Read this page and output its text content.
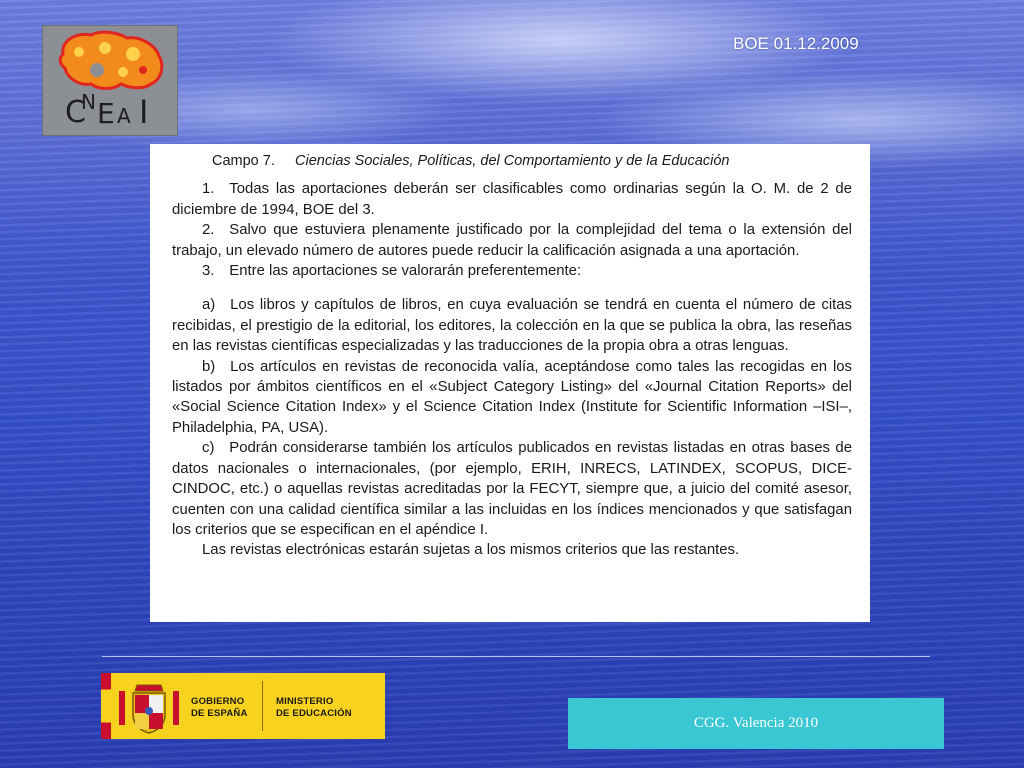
C
N E A I
BOE 01.12.2009
Campo 7. Ciencias Sociales, Políticas, del Comportamiento y de la Educación

1. Todas las aportaciones deberán ser clasificables como ordinarias según la O. M. de 2 de diciembre de 1994, BOE del 3.

2. Salvo que estuviera plenamente justificado por la complejidad del tema o la extensión del trabajo, un elevado número de autores puede reducir la calificación asignada a una aportación.

3. Entre las aportaciones se valorarán preferentemente:

a) Los libros y capítulos de libros, en cuya evaluación se tendrá en cuenta el número de citas recibidas, el prestigio de la editorial, los editores, la colección en la que se publica la obra, las reseñas en las revistas científicas especializadas y las traducciones de la propia obra a otras lenguas.

b) Los artículos en revistas de reconocida valía, aceptándose como tales las recogidas en los listados por ámbitos científicos en el «Subject Category Listing» del «Journal Citation Reports» del «Social Science Citation Index» y el Science Citation Index (Institute for Scientific Information –ISI–, Philadelphia, PA, USA).

c) Podrán considerarse también los artículos publicados en revistas listadas en otras bases de datos nacionales o internacionales, (por ejemplo, ERIH, INRECS, LATINDEX, SCOPUS, DICE-CINDOC, etc.) o aquellas revistas acreditadas por la FECYT, siempre que, a juicio del comité asesor, cuenten con una calidad científica similar a las incluidas en los índices mencionados y que satisfagan los criterios que se especifican en el apéndice I.

Las revistas electrónicas estarán sujetas a los mismos criterios que las restantes.

GOBIERNO
DE ESPAÑA
MINISTERIO
DE EDUCACIÓN
CGG. Valencia 2010
